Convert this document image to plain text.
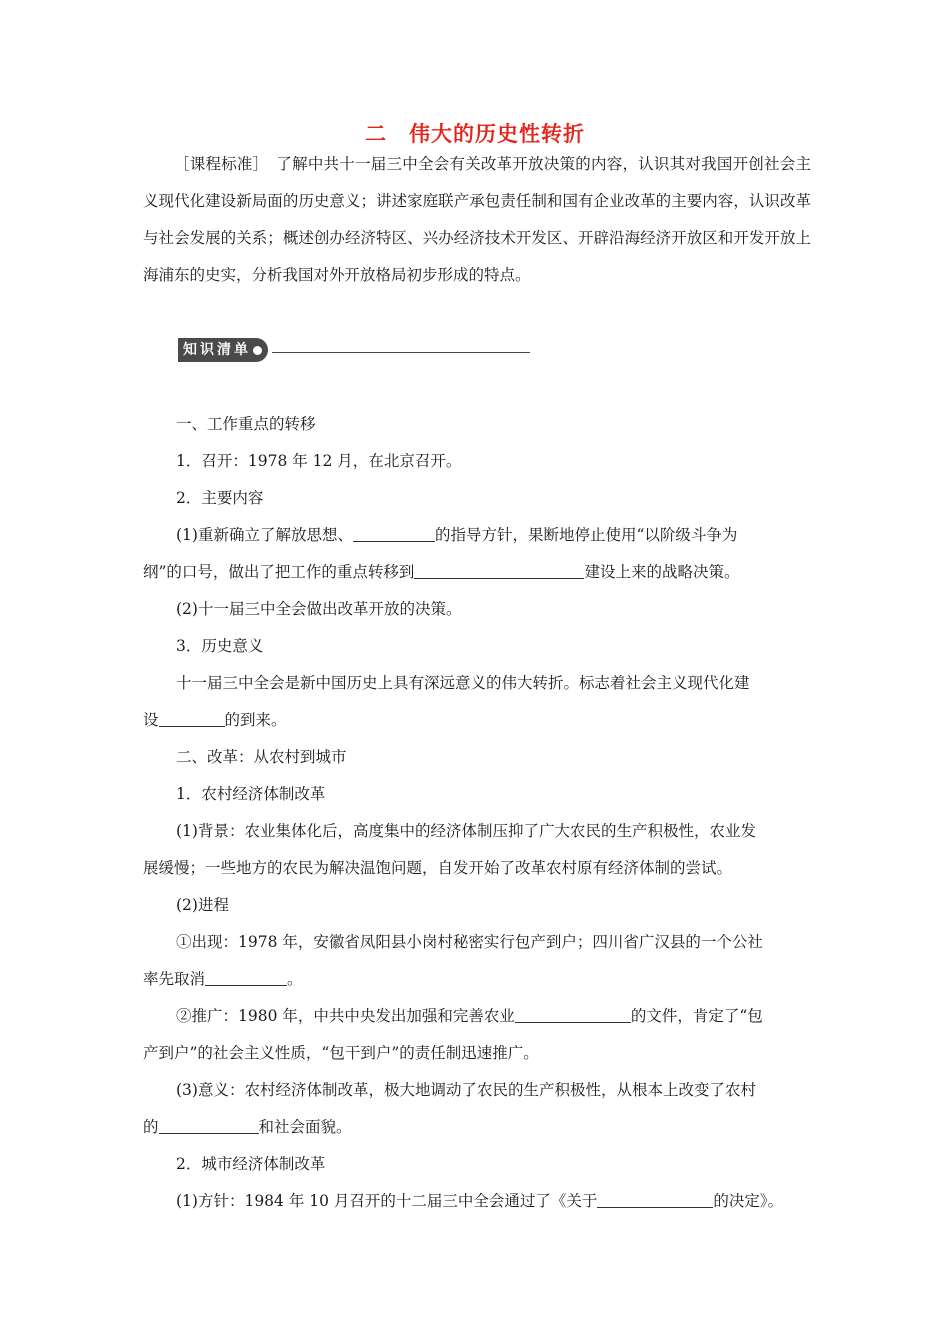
二　伟大的历史性转折

［课程标准］　了解中共十一届三中全会有关改革开放决策的内容，认识其对我国开创社会主义现代化建设新局面的历史意义；讲述家庭联产承包责任制和国有企业改革的主要内容，认识改革与社会发展的关系；概述创办经济特区、兴办经济技术开发区、开辟沿海经济开放区和开发开放上海浦东的史实，分析我国对外开放格局初步形成的特点。

知识清单
一、工作重点的转移
1．召开：1978 年 12 月，在北京召开。
2．主要内容
(1)重新确立了解放思想、	的指导方针，果断地停止使用“以阶级斗争为
纲”的口号，做出了把工作的重点转移到	建设上来的战略决策。
(2)十一届三中全会做出改革开放的决策。
3．历史意义
十一届三中全会是新中国历史上具有深远意义的伟大转折。标志着社会主义现代化建
设	的到来。
二、改革：从农村到城市
1．农村经济体制改革
(1)背景：农业集体化后，高度集中的经济体制压抑了广大农民的生产积极性，农业发
展缓慢；一些地方的农民为解决温饱问题，自发开始了改革农村原有经济体制的尝试。
(2)进程
①出现：1978 年，安徽省凤阳县小岗村秘密实行包产到户；四川省广汉县的一个公社
率先取消	。
②推广：1980 年，中共中央发出加强和完善农业	的文件，肯定了“包
产到户”的社会主义性质，“包干到户”的责任制迅速推广。
(3)意义：农村经济体制改革，极大地调动了农民的生产积极性，从根本上改变了农村
的	和社会面貌。
2．城市经济体制改革
(1)方针：1984 年 10 月召开的十二届三中全会通过了《关于	的决定》。
